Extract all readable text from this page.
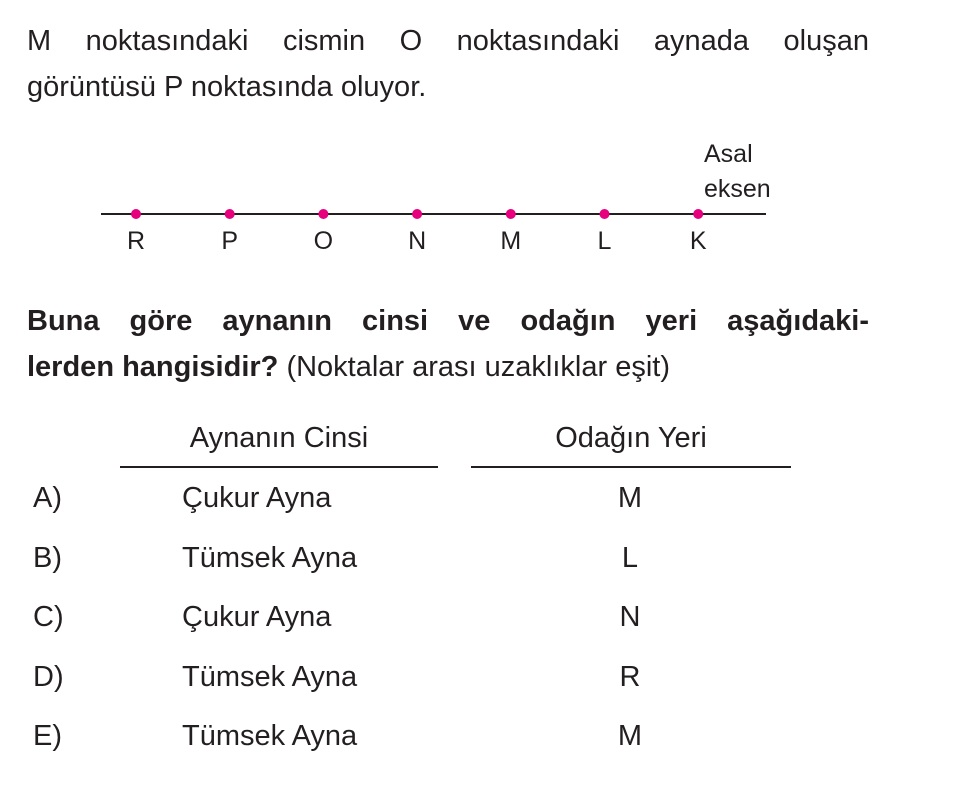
M noktasındaki cismin O noktasındaki aynada oluşan
görüntüsü P noktasında oluyor.
Asal
eksen
R	P	O	N	M	L	K
Buna göre aynanın cinsi ve odağın yeri aşağıdaki-
lerden hangisidir? (Noktalar arası uzaklıklar eşit)
Aynanın Cinsi	Odağın Yeri
A)	Çukur Ayna	M
B)	Tümsek Ayna	L
C)	Çukur Ayna	N
D)	Tümsek Ayna	R
E)	Tümsek Ayna	M
